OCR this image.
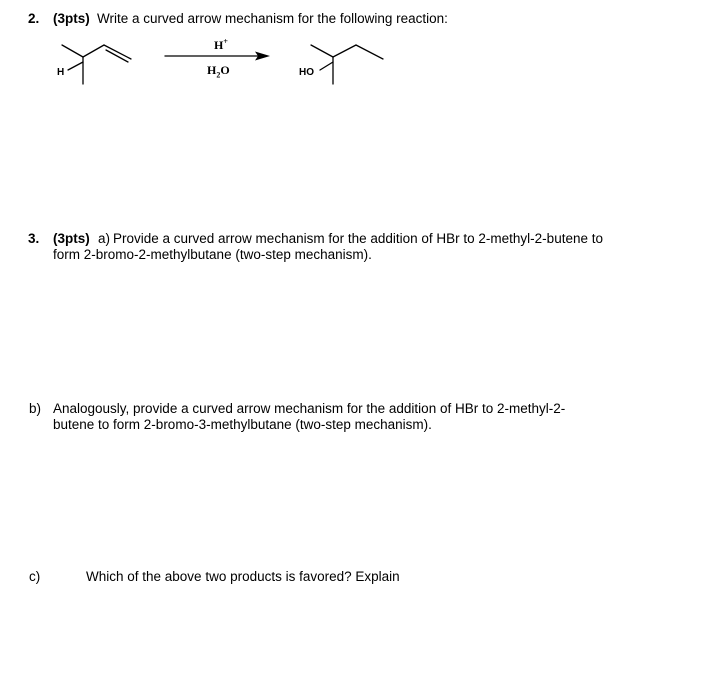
2. (3pts) Write a curved arrow mechanism for the following reaction:
H	HO
H+
$H_2O$
3. (3pts) a) Provide a curved arrow mechanism for the addition of HBr to 2-methyl-2-butene to
form 2-bromo-2-methylbutane (two-step mechanism).
b) Analogously, provide a curved arrow mechanism for the addition of HBr to 2-methyl-2-
butene to form 2-bromo-3-methylbutane (two-step mechanism).
c)	Which of the above two products is favored? Explain
